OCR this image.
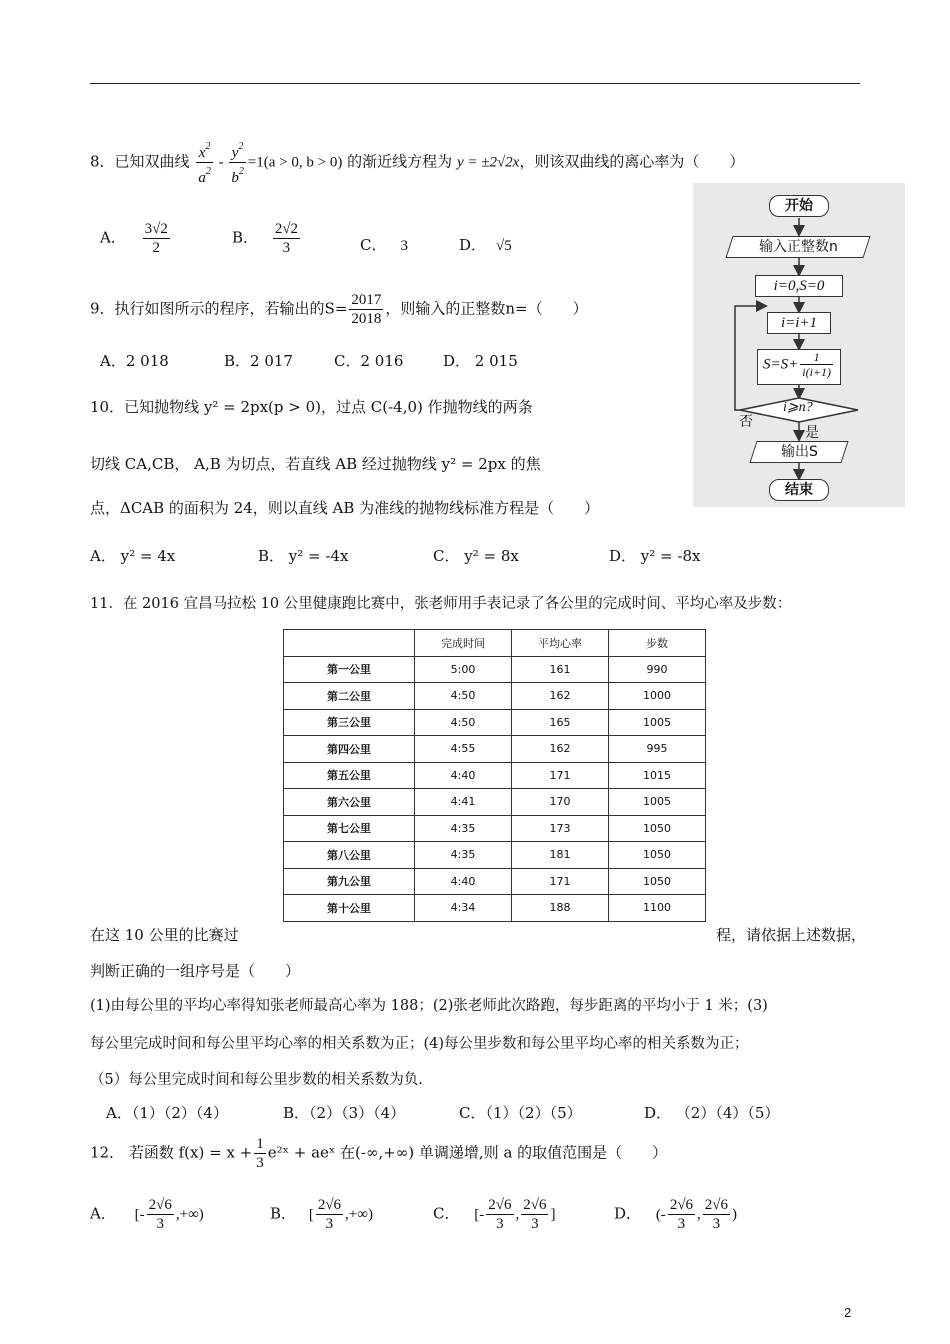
8．已知双曲线 $\frac{x^2}{a^2} - \frac{y^2}{b^2} =1(a > 0$, b > 0) 的渐近线方程为 y = ±2√2x，则该双曲线的离心率为（　　）
A． $\frac{3√2}{2}$	B． $\frac{2√2}{3}$	C． 3	D． √5
9．执行如图所示的程序，若输出的$S= \frac{2017}{2018}$ ，则输入的正整数n=（　　）
A．2 018	B．2 017	C．2 016	D． 2 015
开始
输入正整数n
i=0,S=0
i=i+1
$S=S+ \frac{1}{i(i+1)}$
i⩾n?
否
是
输出S
结束
10．已知抛物线 y² = 2px(p > 0)，过点 C(-4,0) 作抛物线的两条
切线 CA,CB， A,B 为切点，若直线 AB 经过抛物线 y² = 2px 的焦
点，ΔCAB 的面积为 24，则以直线 AB 为准线的抛物线标准方程是（　　）
A． y² = 4x	B． y² = -4x	C． y² = 8x	D． y² = -8x
11．在 2016 宜昌马拉松 10 公里健康跑比赛中，张老师用手表记录了各公里的完成时间、平均心率及步数：
	完成时间	平均心率	步数
第一公里	5:00	161	990
第二公里	4:50	162	1000
第三公里	4:50	165	1005
第四公里	4:55	162	995
第五公里	4:40	171	1015
第六公里	4:41	170	1005
第七公里	4:35	173	1050
第八公里	4:35	181	1050
第九公里	4:40	171	1050
第十公里	4:34	188	1100
在这 10 公里的比赛过	程，请依据上述数据，
判断正确的一组序号是（　　）
(1)由每公里的平均心率得知张老师最高心率为 188；(2)张老师此次路跑，每步距离的平均小于 1 米；(3)
每公里完成时间和每公里平均心率的相关系数为正；(4)每公里步数和每公里平均心率的相关系数为正；
（5）每公里完成时间和每公里步数的相关系数为负.
A．（1）（2）（4）	B．（2）（3）（4）	C．（1）（2）（5）	D． （2）（4）（5）
12． 若函数 $f(x) = x + \frac{1}{3}$ e²ˣ + aeˣ 在(-∞,+∞) 单调递增,则 a 的取值范围是（　　）
A． [- $\frac{2√6}{3}$ ,+∞)	B． [ $\frac{2√6}{3}$ ,+∞)	C． [- $\frac{2√6}{3}$ , $\frac{2√6}{3}$ ]	D． (- $\frac{2√6}{3}$ , $\frac{2√6}{3}$ )
2
